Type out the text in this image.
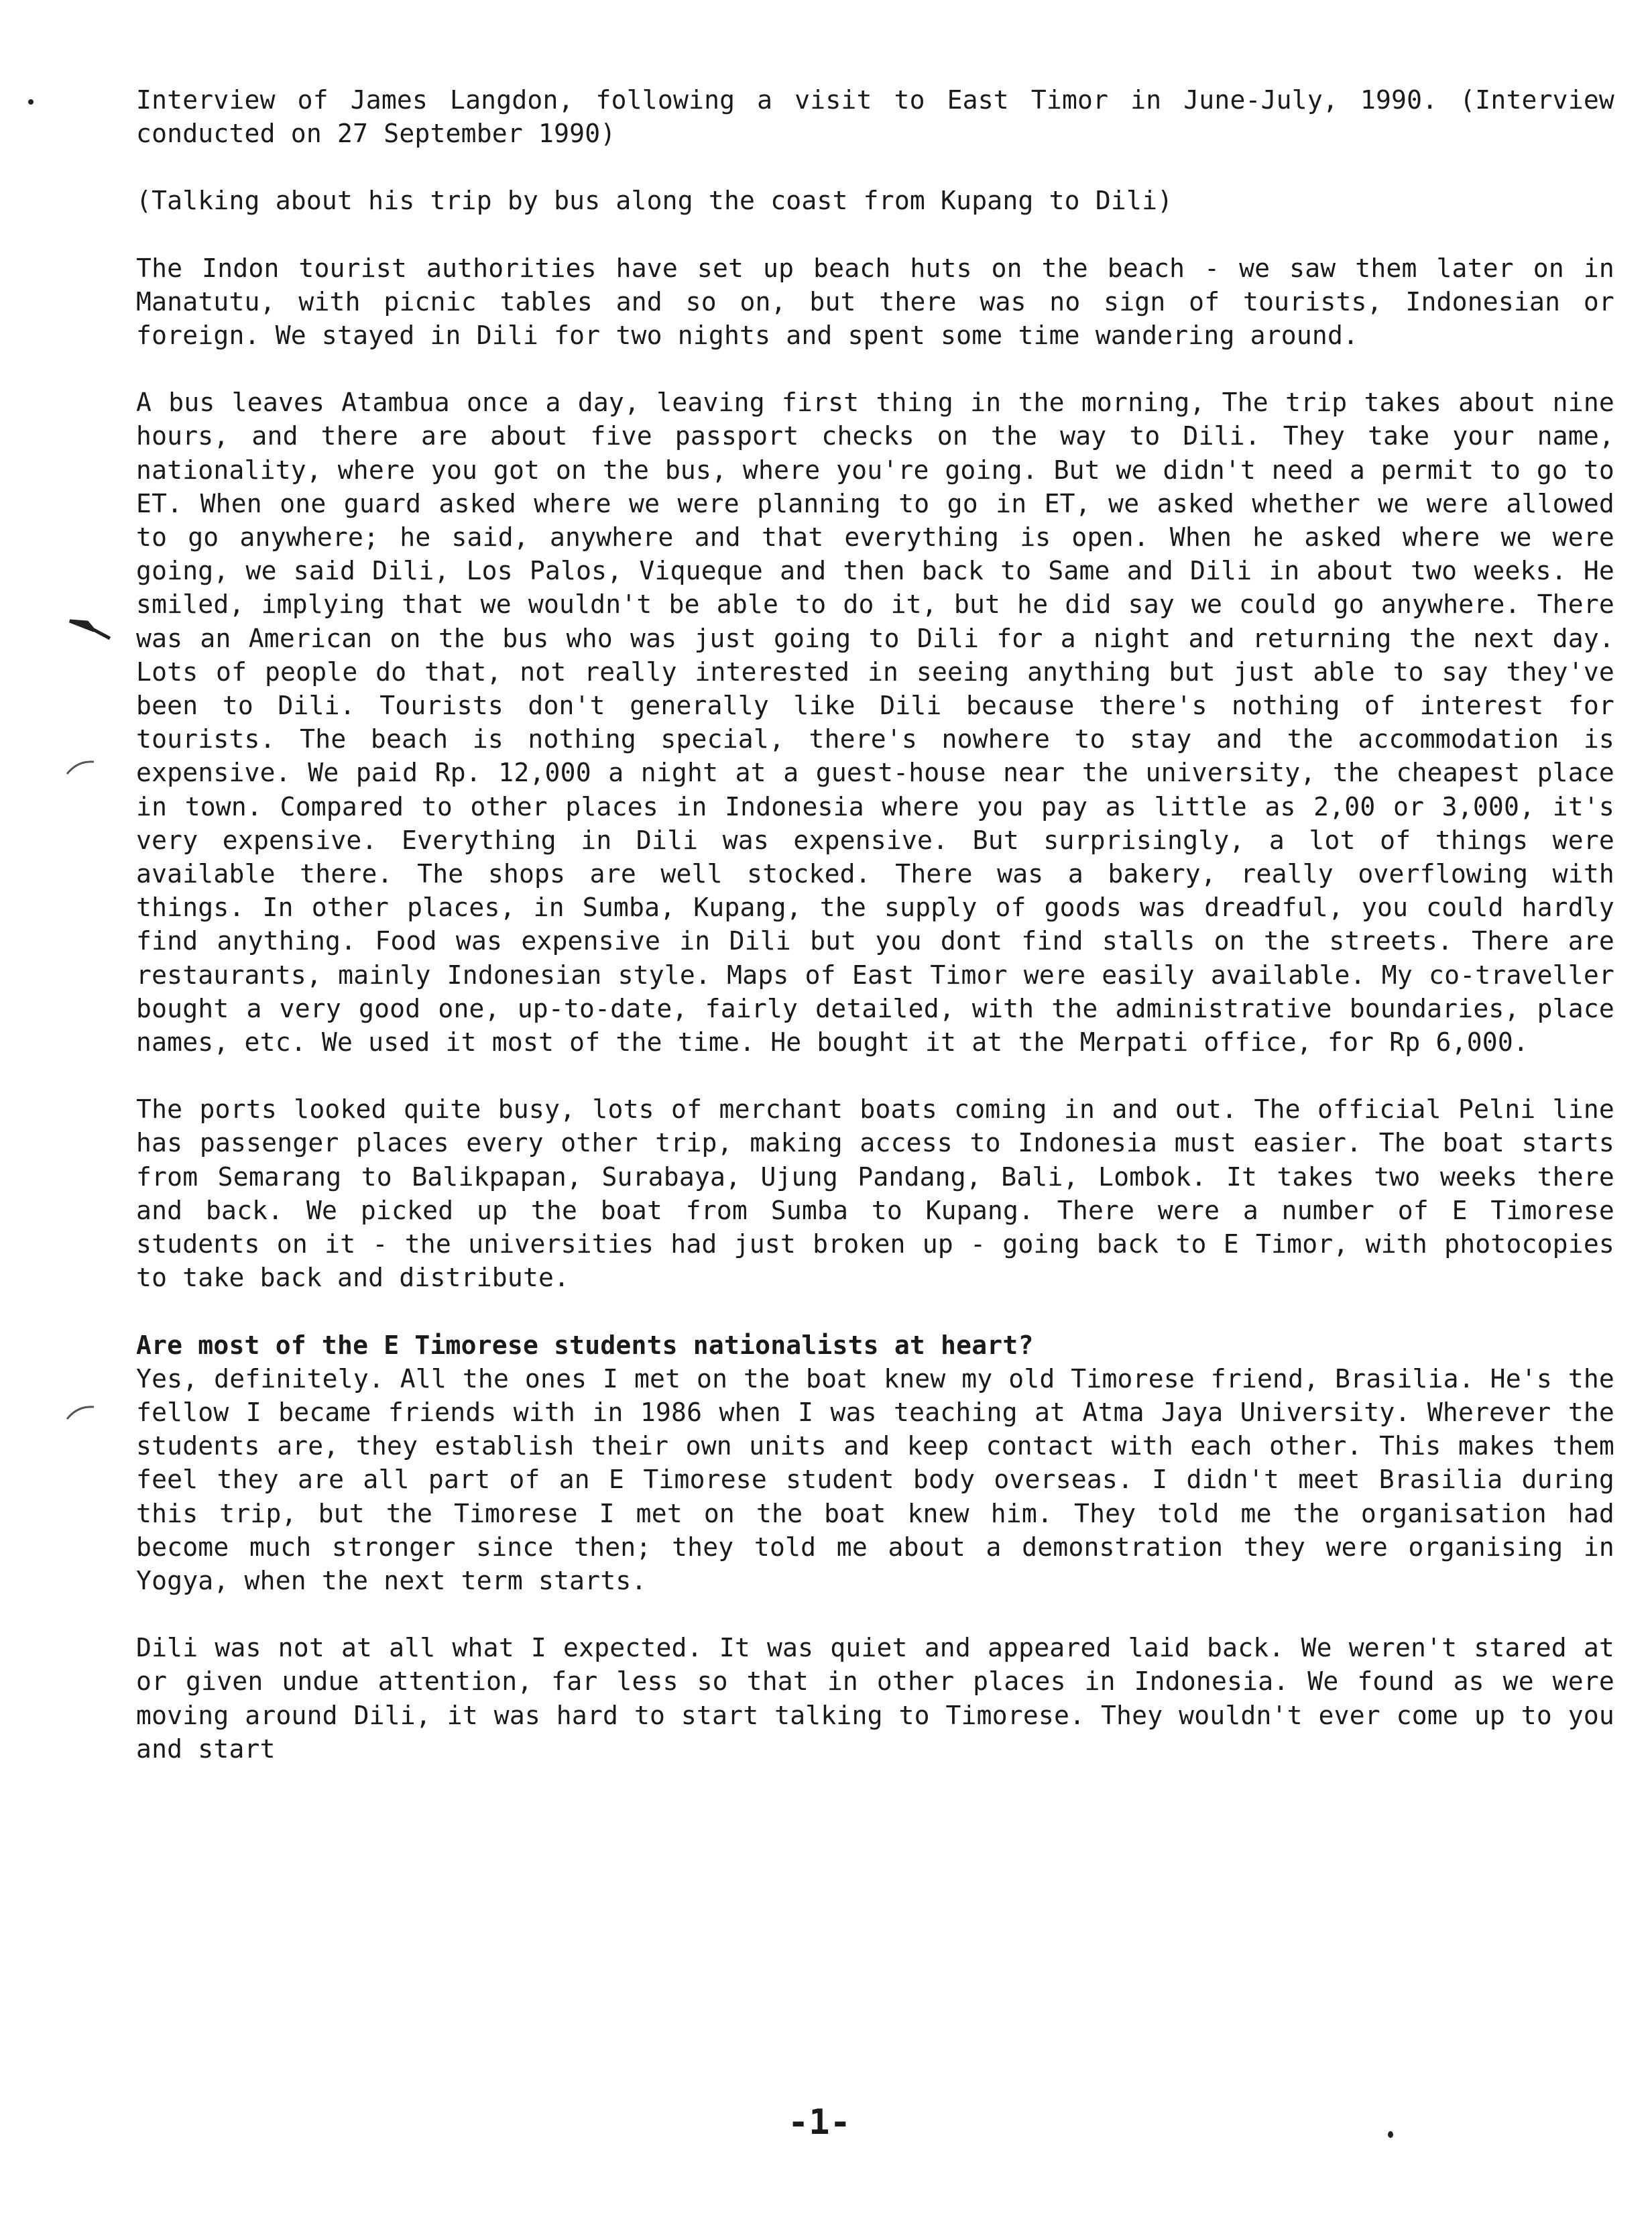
Interview of James Langdon, following a visit to East Timor in June-July, 1990. (Interview conducted on 27 September 1990)

(Talking about his trip by bus along the coast from Kupang to Dili)

The Indon tourist authorities have set up beach huts on the beach - we saw them later on in Manatutu, with picnic tables and so on, but there was no sign of tourists, Indonesian or foreign. We stayed in Dili for two nights and spent some time wandering around.

A bus leaves Atambua once a day, leaving first thing in the morning, The trip takes about nine hours, and there are about five passport checks on the way to Dili. They take your name, nationality, where you got on the bus, where you're going. But we didn't need a permit to go to ET. When one guard asked where we were planning to go in ET, we asked whether we were allowed to go anywhere; he said, anywhere and that everything is open. When he asked where we were going, we said Dili, Los Palos, Viqueque and then back to Same and Dili in about two weeks. He smiled, implying that we wouldn't be able to do it, but he did say we could go anywhere. There was an American on the bus who was just going to Dili for a night and returning the next day. Lots of people do that, not really interested in seeing anything but just able to say they've been to Dili. Tourists don't generally like Dili because there's nothing of interest for tourists. The beach is nothing special, there's nowhere to stay and the accommodation is expensive. We paid Rp. 12,000 a night at a guest-house near the university, the cheapest place in town. Compared to other places in Indonesia where you pay as little as 2,00 or 3,000, it's very expensive. Everything in Dili was expensive. But surprisingly, a lot of things were available there. The shops are well stocked. There was a bakery, really overflowing with things. In other places, in Sumba, Kupang, the supply of goods was dreadful, you could hardly find anything. Food was expensive in Dili but you dont find stalls on the streets. There are restaurants, mainly Indonesian style. Maps of East Timor were easily available. My co-traveller bought a very good one, up-to-date, fairly detailed, with the administrative boundaries, place names, etc. We used it most of the time. He bought it at the Merpati office, for Rp 6,000.

The ports looked quite busy, lots of merchant boats coming in and out. The official Pelni line has passenger places every other trip, making access to Indonesia must easier. The boat starts from Semarang to Balikpapan, Surabaya, Ujung Pandang, Bali, Lombok. It takes two weeks there and back. We picked up the boat from Sumba to Kupang. There were a number of E Timorese students on it - the universities had just broken up - going back to E Timor, with photocopies to take back and distribute.

Are most of the E Timorese students nationalists at heart?
Yes, definitely. All the ones I met on the boat knew my old Timorese friend, Brasilia. He's the fellow I became friends with in 1986 when I was teaching at Atma Jaya University. Wherever the students are, they establish their own units and keep contact with each other. This makes them feel they are all part of an E Timorese student body overseas. I didn't meet Brasilia during this trip, but the Timorese I met on the boat knew him. They told me the organisation had become much stronger since then; they told me about a demonstration they were organising in Yogya, when the next term starts.

Dili was not at all what I expected. It was quiet and appeared laid back. We weren't stared at or given undue attention, far less so that in other places in Indonesia. We found as we were moving around Dili, it was hard to start talking to Timorese. They wouldn't ever come up to you and start

-1-
